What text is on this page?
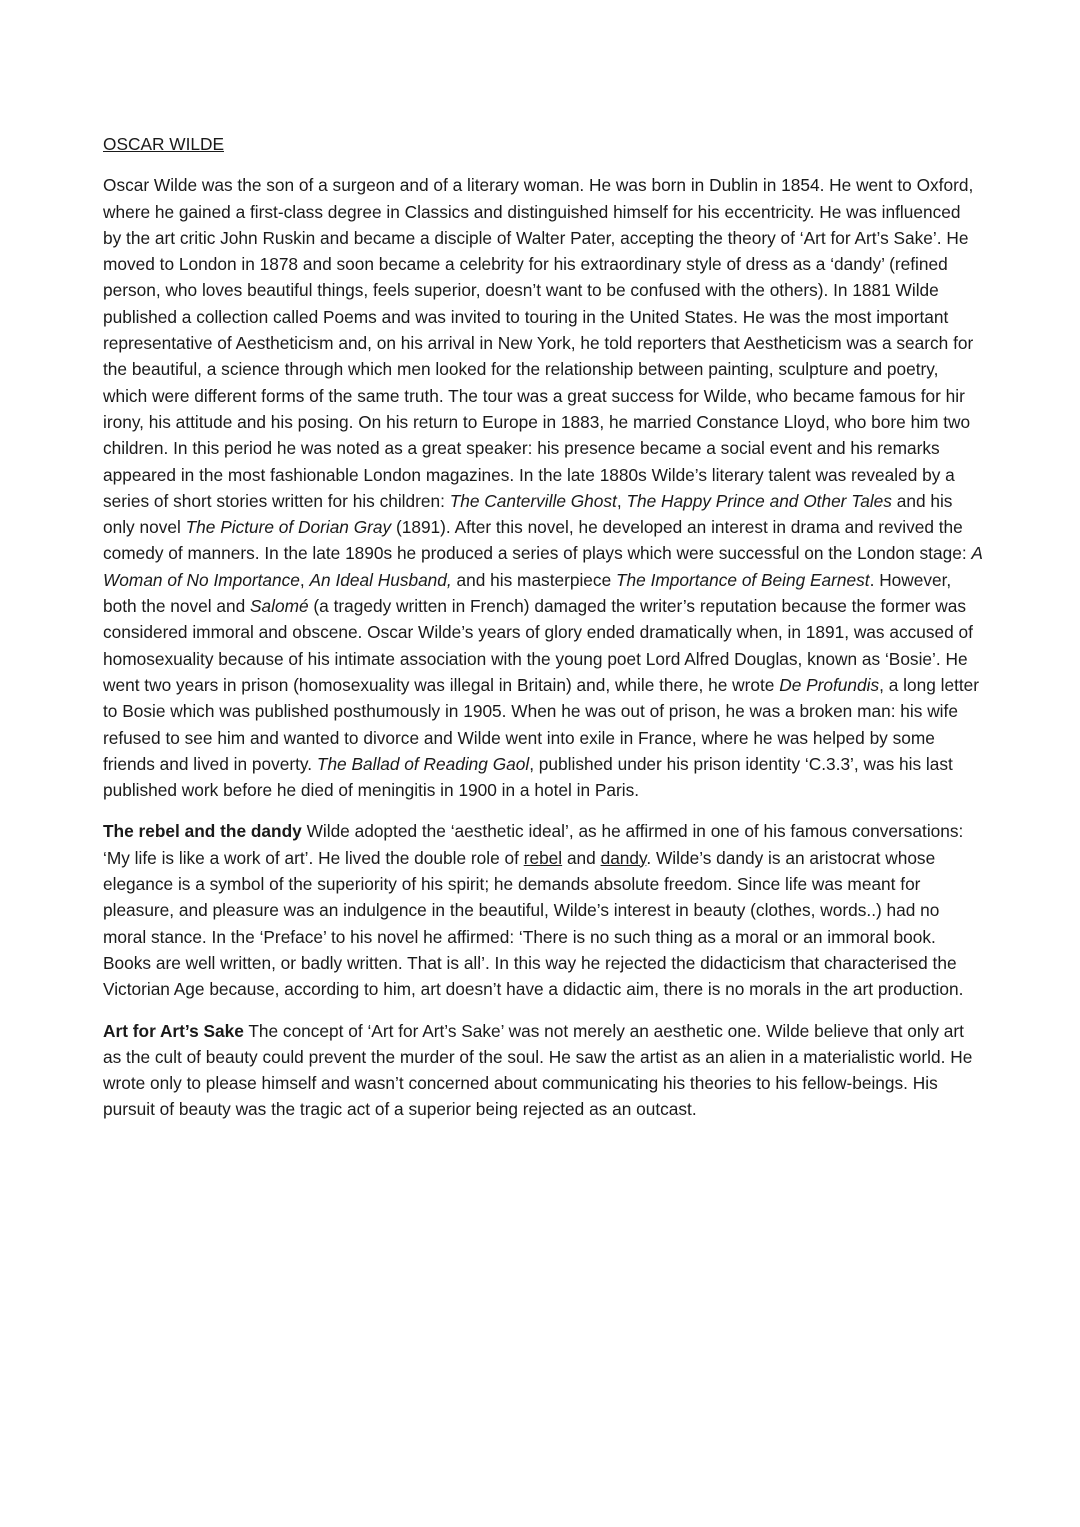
OSCAR WILDE

Oscar Wilde was the son of a surgeon and of a literary woman. He was born in Dublin in 1854. He went to Oxford, where he gained a first-class degree in Classics and distinguished himself for his eccentricity. He was influenced by the art critic John Ruskin and became a disciple of Walter Pater, accepting the theory of ‘Art for Art’s Sake’. He moved to London in 1878 and soon became a celebrity for his extraordinary style of dress as a ‘dandy’ (refined person, who loves beautiful things, feels superior, doesn’t want to be confused with the others). In 1881 Wilde published a collection called Poems and was invited to touring in the United States. He was the most important representative of Aestheticism and, on his arrival in New York, he told reporters that Aestheticism was a search for the beautiful, a science through which men looked for the relationship between painting, sculpture and poetry, which were different forms of the same truth. The tour was a great success for Wilde, who became famous for hir irony, his attitude and his posing. On his return to Europe in 1883, he married Constance Lloyd, who bore him two children. In this period he was noted as a great speaker: his presence became a social event and his remarks appeared in the most fashionable London magazines. In the late 1880s Wilde’s literary talent was revealed by a series of short stories written for his children: The Canterville Ghost, The Happy Prince and Other Tales and his only novel The Picture of Dorian Gray (1891). After this novel, he developed an interest in drama and revived the comedy of manners. In the late 1890s he produced a series of plays which were successful on the London stage: A Woman of No Importance, An Ideal Husband, and his masterpiece The Importance of Being Earnest. However, both the novel and Salomé (a tragedy written in French) damaged the writer’s reputation because the former was considered immoral and obscene. Oscar Wilde’s years of glory ended dramatically when, in 1891, was accused of homosexuality because of his intimate association with the young poet Lord Alfred Douglas, known as ‘Bosie’. He went two years in prison (homosexuality was illegal in Britain) and, while there, he wrote De Profundis, a long letter to Bosie which was published posthumously in 1905. When he was out of prison, he was a broken man: his wife refused to see him and wanted to divorce and Wilde went into exile in France, where he was helped by some friends and lived in poverty. The Ballad of Reading Gaol, published under his prison identity ‘C.3.3’, was his last published work before he died of meningitis in 1900 in a hotel in Paris.

The rebel and the dandy Wilde adopted the ‘aesthetic ideal’, as he affirmed in one of his famous conversations: ‘My life is like a work of art’. He lived the double role of rebel and dandy. Wilde’s dandy is an aristocrat whose elegance is a symbol of the superiority of his spirit; he demands absolute freedom. Since life was meant for pleasure, and pleasure was an indulgence in the beautiful, Wilde’s interest in beauty (clothes, words..) had no moral stance. In the ‘Preface’ to his novel he affirmed: ‘There is no such thing as a moral or an immoral book. Books are well written, or badly written. That is all’. In this way he rejected the didacticism that characterised the Victorian Age because, according to him, art doesn’t have a didactic aim, there is no morals in the art production.

Art for Art’s Sake The concept of ‘Art for Art’s Sake’ was not merely an aesthetic one. Wilde believe that only art as the cult of beauty could prevent the murder of the soul. He saw the artist as an alien in a materialistic world. He wrote only to please himself and wasn’t concerned about communicating his theories to his fellow-beings. His pursuit of beauty was the tragic act of a superior being rejected as an outcast.
